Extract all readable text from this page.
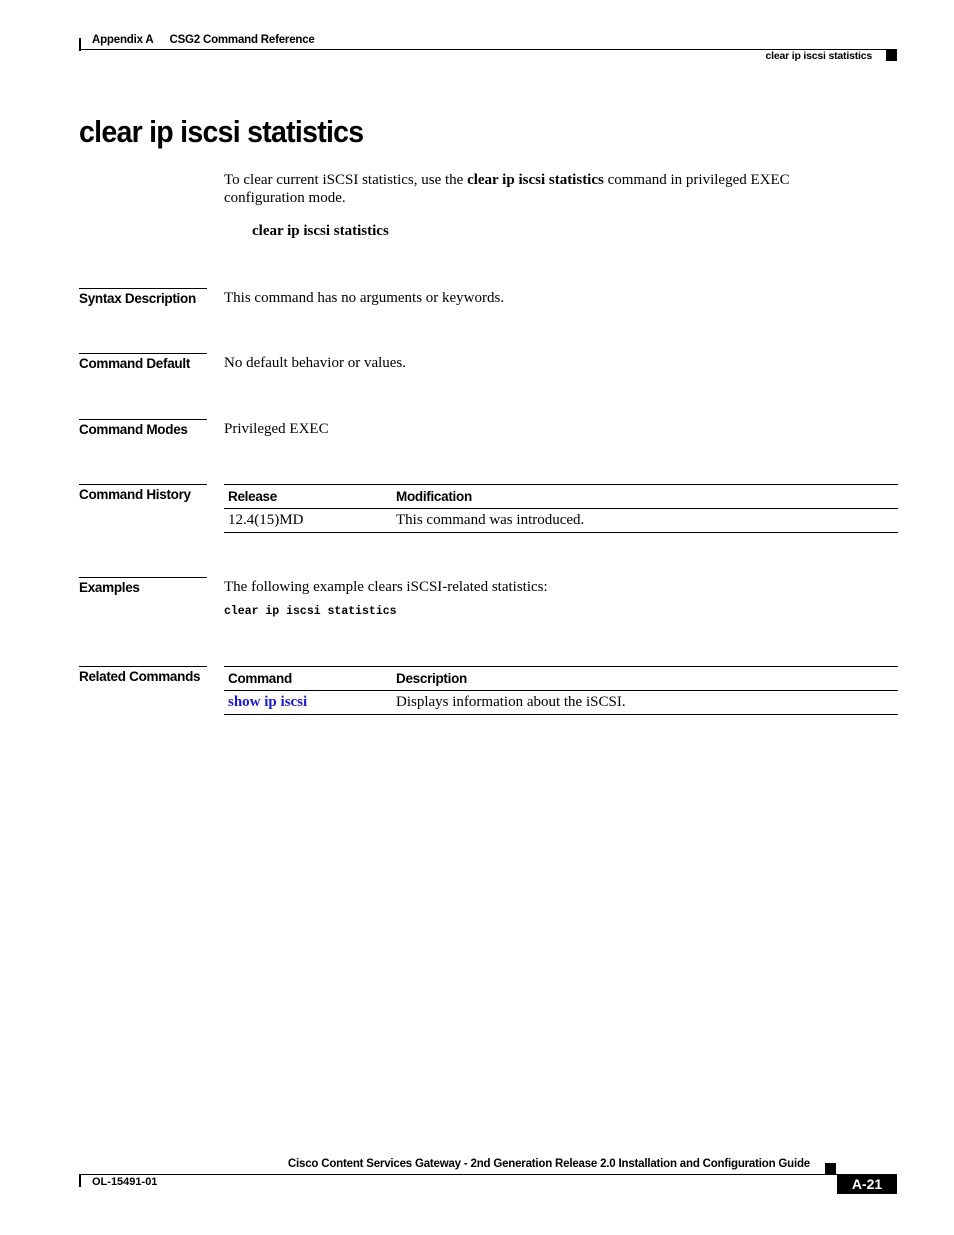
Appendix A CSG2 Command Reference
clear ip iscsi statistics
clear ip iscsi statistics
To clear current iSCSI statistics, use the clear ip iscsi statistics command in privileged EXEC configuration mode.
clear ip iscsi statistics
Syntax Description	This command has no arguments or keywords.
Command Default	No default behavior or values.
Command Modes	Privileged EXEC
Command History	Release	Modification
12.4(15)MD	This command was introduced.
Examples	The following example clears iSCSI-related statistics:
clear ip iscsi statistics
Related Commands	Command	Description
show ip iscsi	Displays information about the iSCSI.
Cisco Content Services Gateway - 2nd Generation Release 2.0 Installation and Configuration Guide
OL-15491-01	A-21
